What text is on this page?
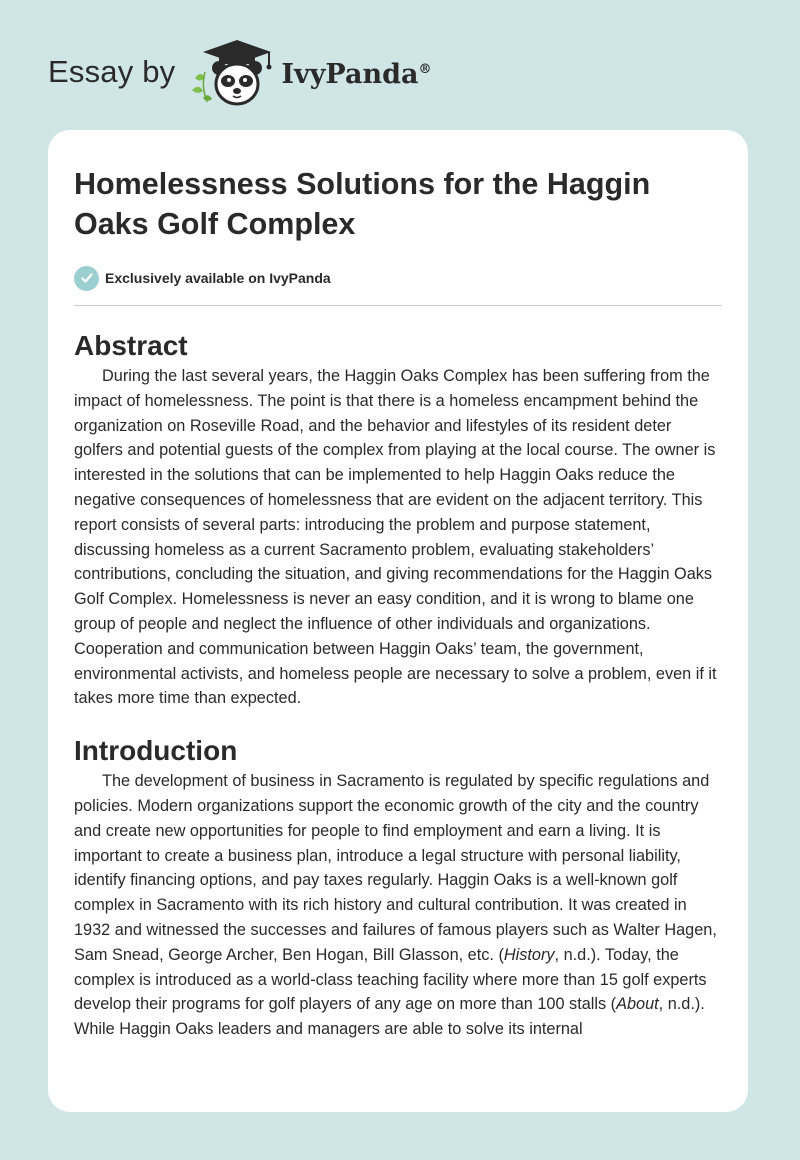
Essay by	IvyPanda®
Homelessness Solutions for the Haggin Oaks Golf Complex
Exclusively available on IvyPanda
Abstract

During the last several years, the Haggin Oaks Complex has been suffering from the impact of homelessness. The point is that there is a homeless encampment behind the organization on Roseville Road, and the behavior and lifestyles of its resident deter golfers and potential guests of the complex from playing at the local course. The owner is interested in the solutions that can be implemented to help Haggin Oaks reduce the negative consequences of homelessness that are evident on the adjacent territory. This report consists of several parts: introducing the problem and purpose statement, discussing homeless as a current Sacramento problem, evaluating stakeholders’ contributions, concluding the situation, and giving recommendations for the Haggin Oaks Golf Complex. Homelessness is never an easy condition, and it is wrong to blame one group of people and neglect the influence of other individuals and organizations. Cooperation and communication between Haggin Oaks’ team, the government, environmental activists, and homeless people are necessary to solve a problem, even if it takes more time than expected.

Introduction

The development of business in Sacramento is regulated by specific regulations and policies. Modern organizations support the economic growth of the city and the country and create new opportunities for people to find employment and earn a living. It is important to create a business plan, introduce a legal structure with personal liability, identify financing options, and pay taxes regularly. Haggin Oaks is a well-known golf complex in Sacramento with its rich history and cultural contribution. It was created in 1932 and witnessed the successes and failures of famous players such as Walter Hagen, Sam Snead, George Archer, Ben Hogan, Bill Glasson, etc. (History, n.d.). Today, the complex is introduced as a world-class teaching facility where more than 15 golf experts develop their programs for golf players of any age on more than 100 stalls (About, n.d.). While Haggin Oaks leaders and managers are able to solve its internal
